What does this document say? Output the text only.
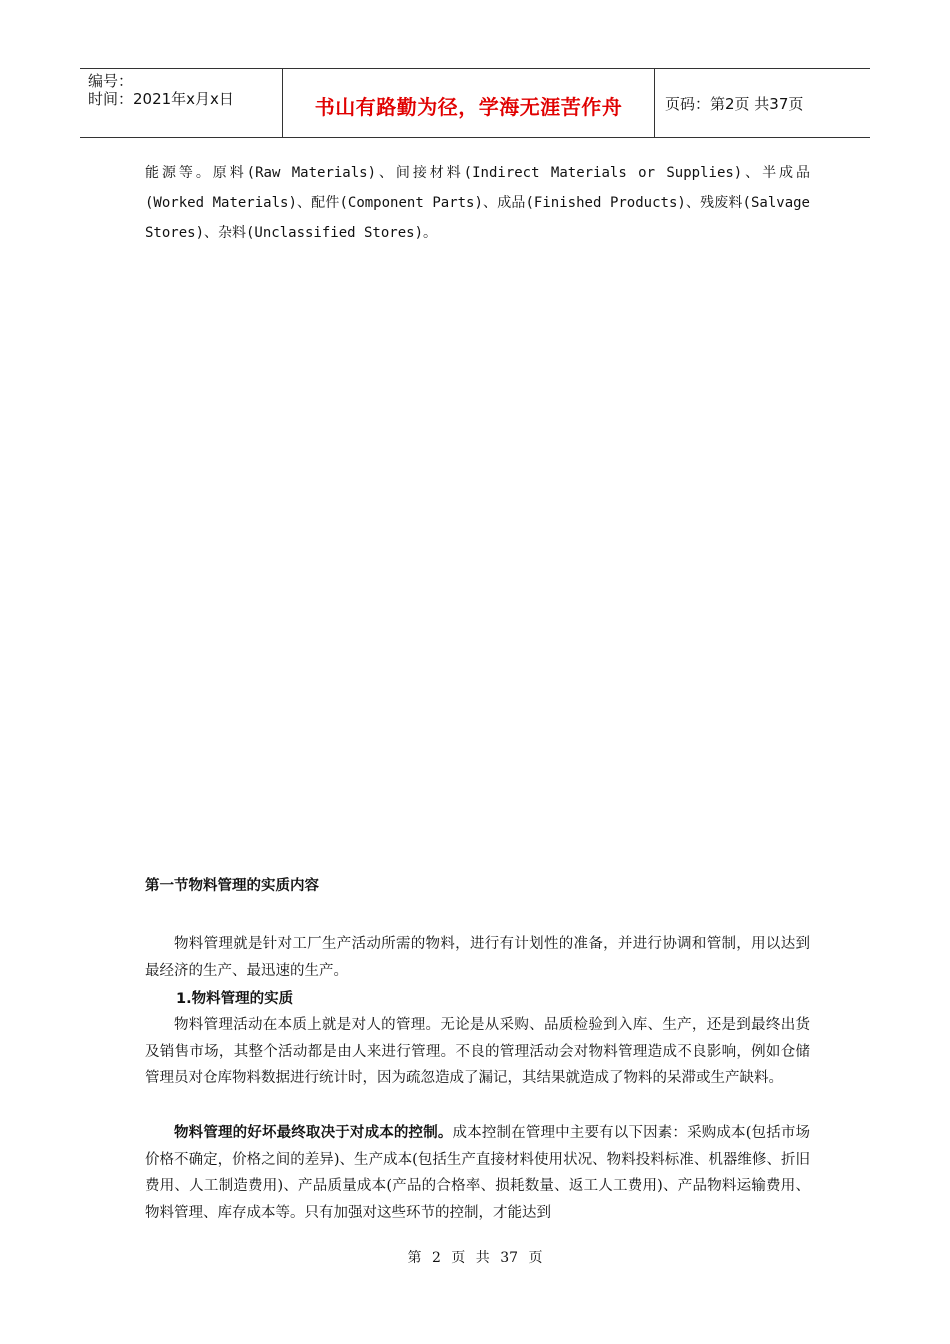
编号：
时间：2021年x月x日	书山有路勤为径，学海无涯苦作舟	页码：第2页 共37页
能源等。原料(Raw Materials)、间接材料(Indirect Materials or Supplies)、半成品(Worked Materials)、配件(Component Parts)、成品(Finished Products)、残废料(Salvage Stores)、杂料(Unclassified Stores)。
第一节物料管理的实质内容
物料管理就是针对工厂生产活动所需的物料，进行有计划性的准备，并进行协调和管制，用以达到最经济的生产、最迅速的生产。
1.物料管理的实质
物料管理活动在本质上就是对人的管理。无论是从采购、品质检验到入库、生产，还是到最终出货及销售市场，其整个活动都是由人来进行管理。不良的管理活动会对物料管理造成不良影响，例如仓储管理员对仓库物料数据进行统计时，因为疏忽造成了漏记，其结果就造成了物料的呆滞或生产缺料。
物料管理的好坏最终取决于对成本的控制。成本控制在管理中主要有以下因素：采购成本(包括市场价格不确定，价格之间的差异)、生产成本(包括生产直接材料使用状况、物料投料标准、机器维修、折旧费用、人工制造费用)、产品质量成本(产品的合格率、损耗数量、返工人工费用)、产品物料运输费用、物料管理、库存成本等。只有加强对这些环节的控制，才能达到
第 2 页 共 37 页
